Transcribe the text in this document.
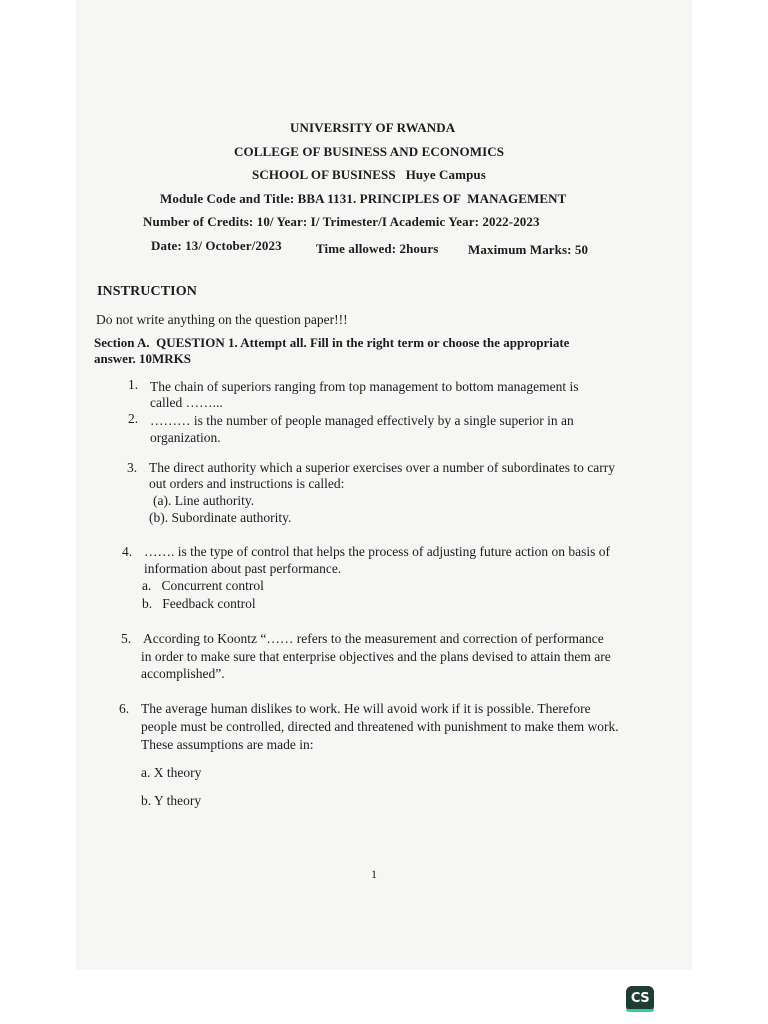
UNIVERSITY OF RWANDA
COLLEGE OF BUSINESS AND ECONOMICS
SCHOOL OF BUSINESS   Huye Campus
Module Code and Title: BBA 1131. PRINCIPLES OF  MANAGEMENT
Number of Credits: 10/ Year: I/ Trimester/I Academic Year: 2022-2023
Date: 13/ October/2023	Time allowed: 2hours Maximum Marks: 50
INSTRUCTION
Do not write anything on the question paper!!!
Section A.  QUESTION 1. Attempt all. Fill in the right term or choose the appropriate
answer. 10MRKS
1. The chain of superiors ranging from top management to bottom management is
called ……...
2. ……… is the number of people managed effectively by a single superior in an
organization.
3. The direct authority which a superior exercises over a number of subordinates to carry
out orders and instructions is called:
(a). Line authority.
(b). Subordinate authority.
4. ……. is the type of control that helps the process of adjusting future action on basis of
information about past performance.
a.   Concurrent control
b.   Feedback control
5. According to Koontz “…… refers to the measurement and correction of performance
in order to make sure that enterprise objectives and the plans devised to attain them are
accomplished”.
6. The average human dislikes to work. He will avoid work if it is possible. Therefore
people must be controlled, directed and threatened with punishment to make them work.
These assumptions are made in:
a. X theory
b. Y theory
1
CS
